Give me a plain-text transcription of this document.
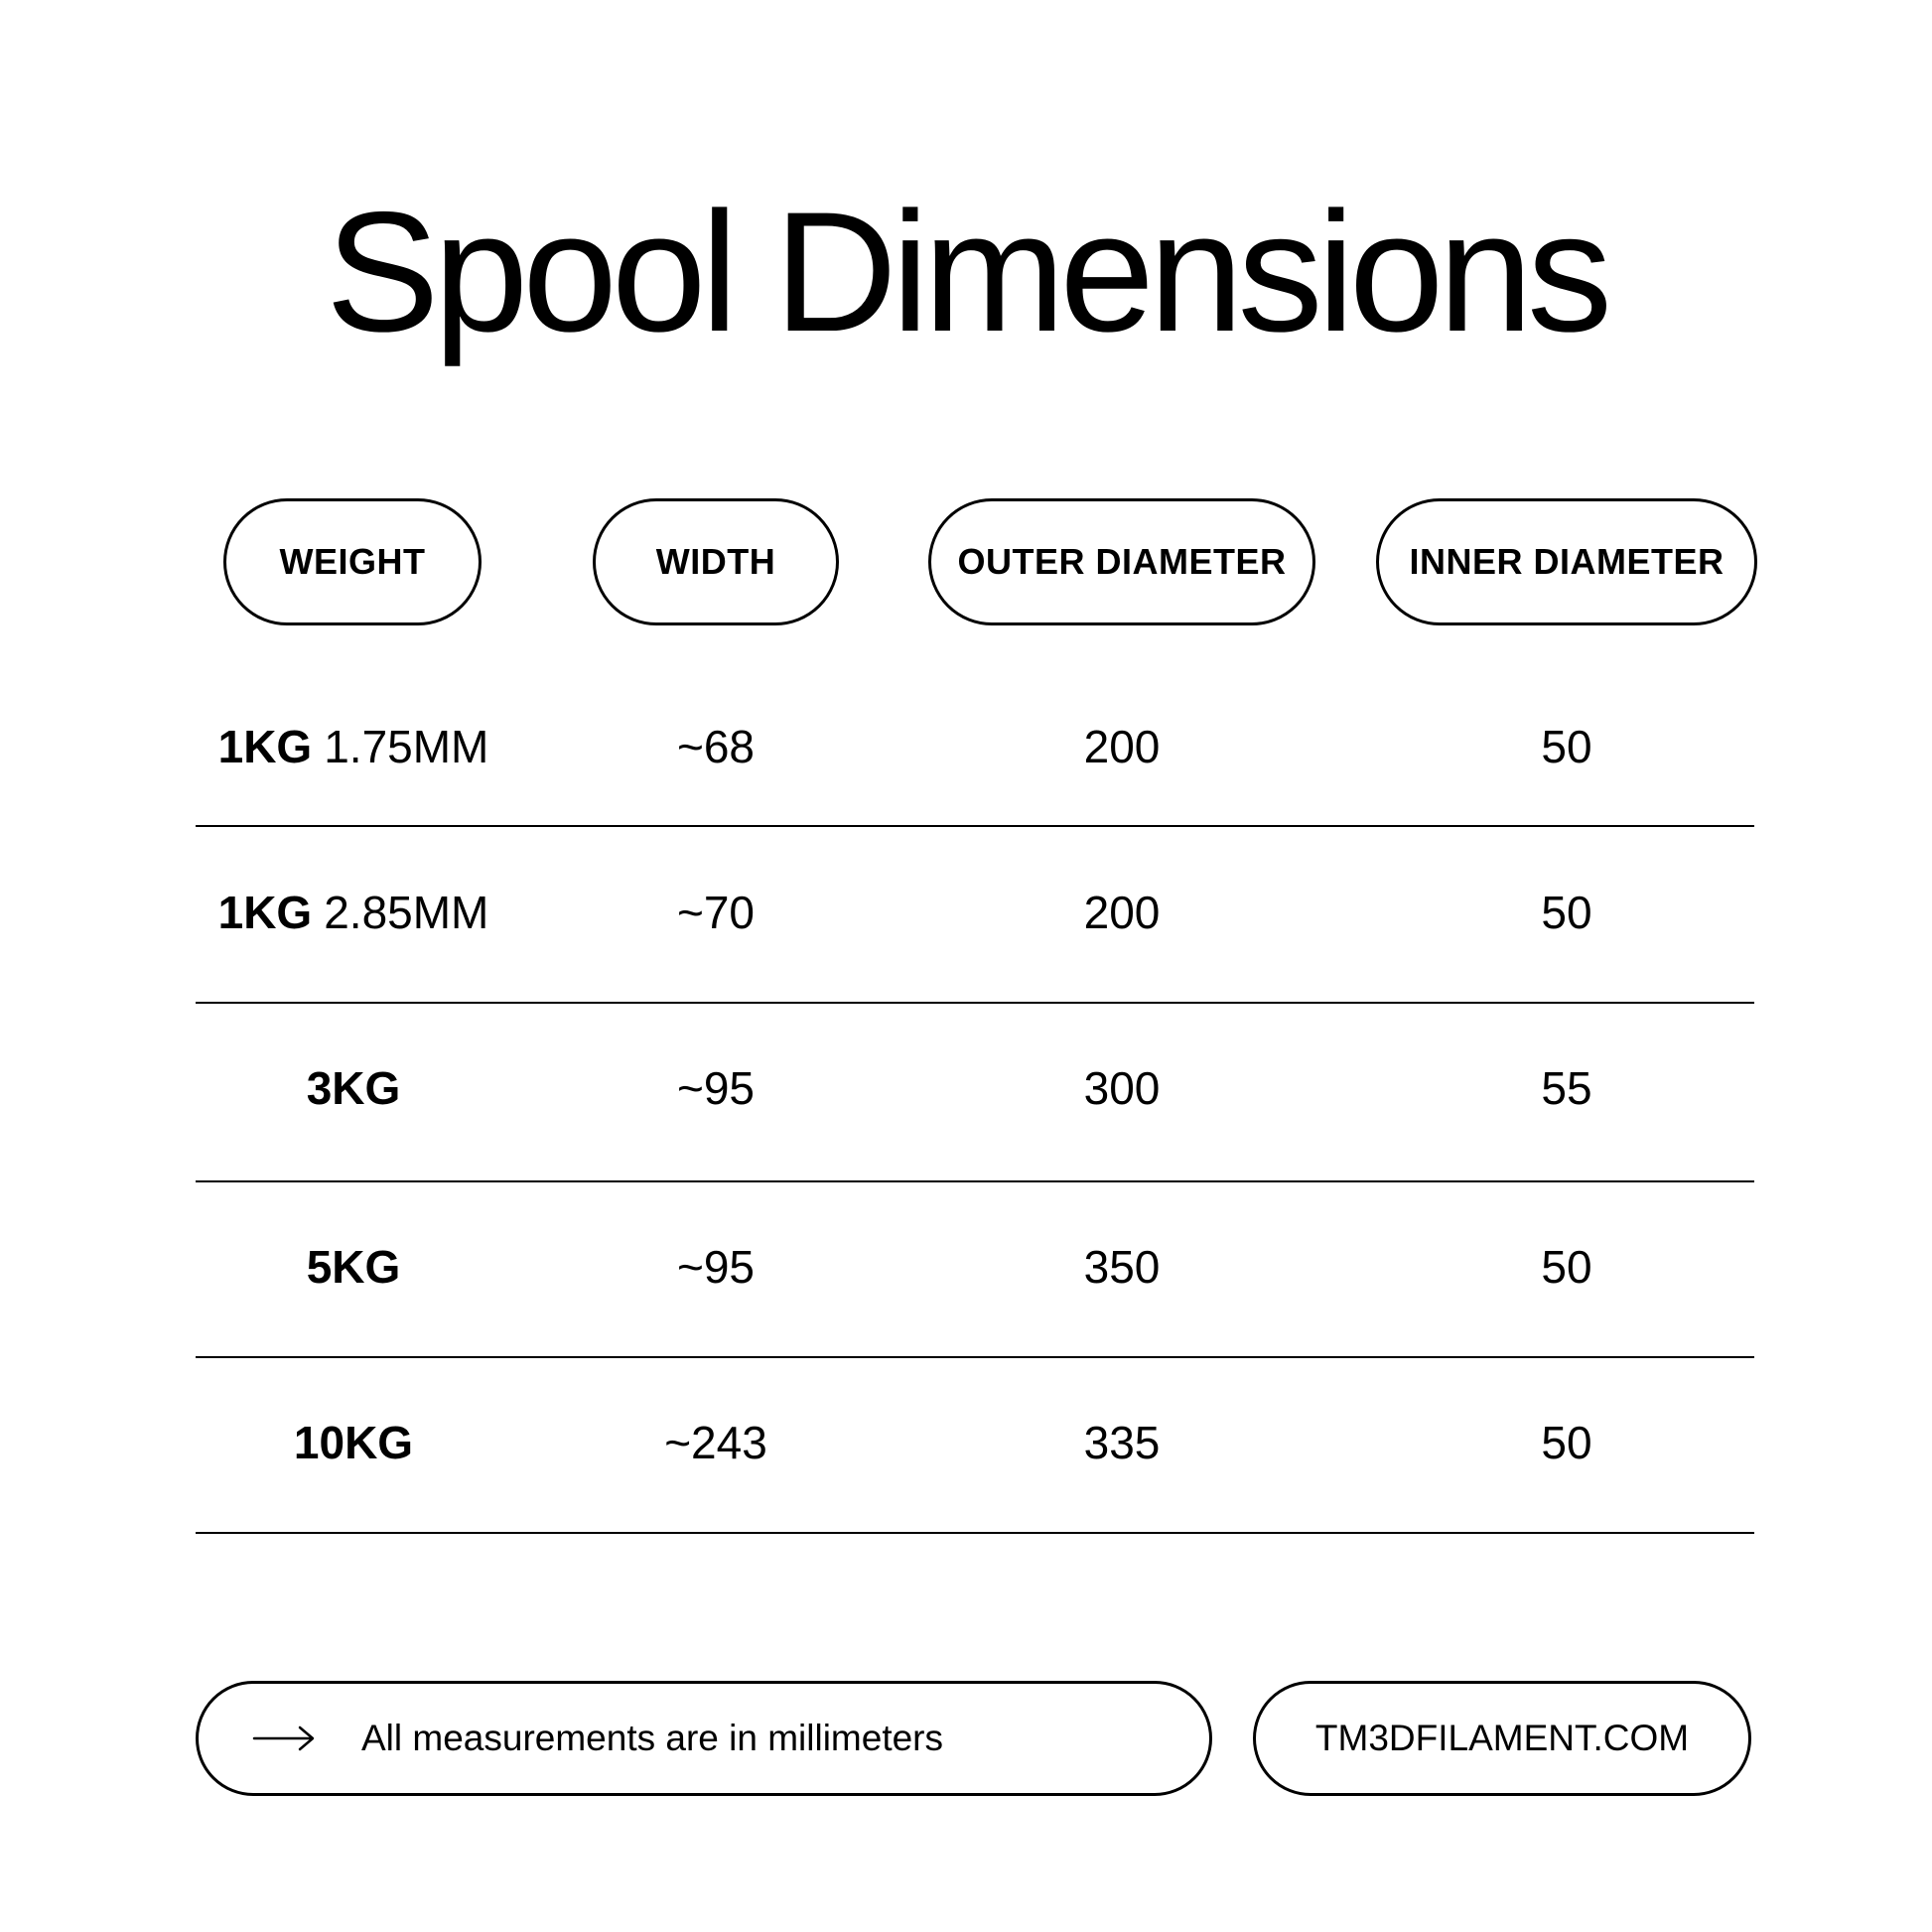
Spool Dimensions
WEIGHT	WIDTH	OUTER DIAMETER	INNER DIAMETER
1KG 1.75MM	~68	200	50
1KG 2.85MM	~70	200	50
3KG	~95	300	55
5KG	~95	350	50
10KG	~243	335	50
All measurements are in millimeters	TM3DFILAMENT.COM
